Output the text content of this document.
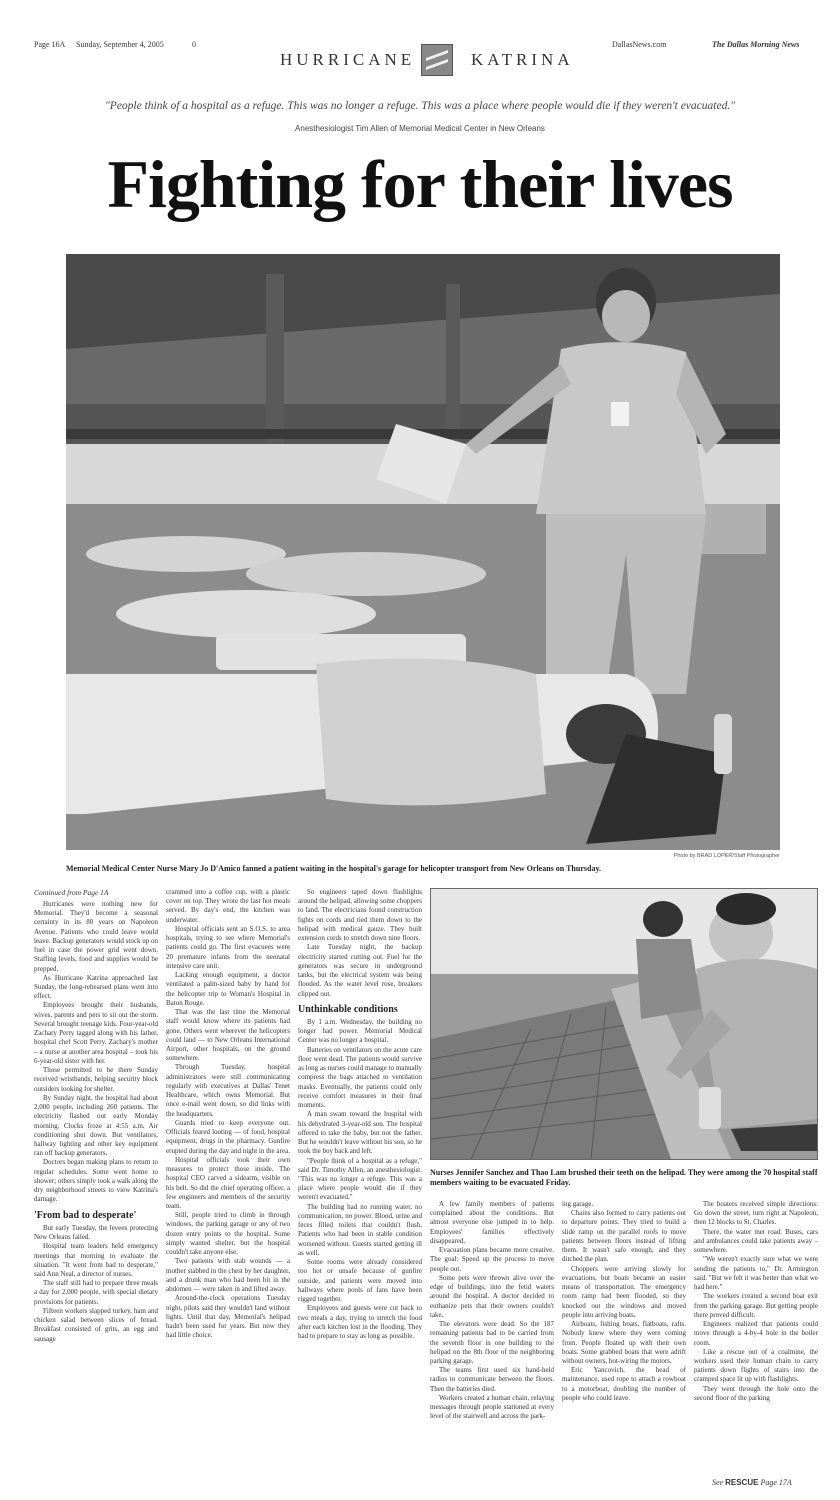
Page 16A Sunday, September 4, 2005	0
HURRICANE	KATRINA
DallasNews.com	The Dallas Morning News
"People think of a hospital as a refuge. This was no longer a refuge. This was a place where people would die if they weren't evacuated."
Anesthesiologist Tim Allen of Memorial Medical Center in New Orleans
Fighting for their lives
Photo by BRAD LOPER/Staff Photographer
Memorial Medical Center Nurse Mary Jo D'Amico fanned a patient waiting in the hospital's garage for helicopter transport from New Orleans on Thursday.
Nurses Jennifer Sanchez and Thao Lam brushed their teeth on the helipad. They were among the 70 hospital staff members waiting to be evacuated Friday.
Continued from Page 1A

Hurricanes were nothing new for Memorial. They'd become a seasonal certainty in its 80 years on Napoleon Avenue. Patients who could leave would leave. Backup generators would stock up on fuel in case the power grid went down. Staffing levels, food and supplies would be prepped.

As Hurricane Katrina approached last Sunday, the long-rehearsed plans went into effect.

Employees brought their husbands, wives, parents and pets to sit out the storm. Several brought teenage kids. Four-year-old Zachary Perry tagged along with his father, hospital chef Scott Perry. Zachary's mother – a nurse at another area hospital – took his 6-year-old sister with her.

Those permitted to be there Sunday received wristbands, helping security block outsiders looking for shelter.

By Sunday night, the hospital had about 2,000 people, including 260 patients. The electricity flashed out early Monday morning. Clocks froze at 4:55 a.m. Air conditioning shut down. But ventilators, hallway lighting and other key equipment ran off backup generators.

Doctors began making plans to return to regular schedules. Some went home to shower; others simply took a walk along the dry neighborhood streets to view Katrina's damage.

'From bad to desperate'

But early Tuesday, the levees protecting New Orleans failed.

Hospital team leaders held emergency meetings that morning to evaluate the situation. "It went from bad to desperate," said Ann Neal, a director of nurses.

The staff still had to prepare three meals a day for 2,000 people, with special dietary provisions for patients.

Fifteen workers slapped turkey, ham and chicken salad between slices of bread. Breakfast consisted of grits, an egg and sausage

crammed into a coffee cup, with a plastic cover on top. They wrote the last hot meals served. By day's end, the kitchen was underwater.

Hospital officials sent an S.O.S. to area hospitals, trying to see where Memorial's patients could go. The first evacuees were 20 premature infants from the neonatal intensive care unit.

Lacking enough equipment, a doctor ventilated a palm-sized baby by hand for the helicopter trip to Woman's Hospital in Baton Rouge.

That was the last time the Memorial staff would know where its patients had gone. Others went wherever the helicopters could land — to New Orleans International Airport, other hospitals, on the ground somewhere.

Through Tuesday, hospital administrators were still communicating regularly with executives at Dallas' Tenet Healthcare, which owns Memorial. But once e-mail went down, so did links with the headquarters.

Guards tried to keep everyone out. Officials feared looting — of food, hospital equipment, drugs in the pharmacy. Gunfire erupted during the day and night in the area.

Hospital officials took their own measures to protect those inside. The hospital CEO carved a sidearm, visible on his belt. So did the chief operating officer, a few engineers and members of the security team.

Still, people tried to climb in through windows, the parking garage or any of two dozen entry points to the hospital. Some simply wanted shelter, but the hospital couldn't take anyone else.

Two patients with stab wounds — a mother stabbed in the chest by her daughter, and a drunk man who had been hit in the abdomen — were taken in and lifted away.

Around-the-clock operations Tuesday night, pilots said they wouldn't land without lights. Until that day, Memorial's helipad hadn't been used for years. But now they had little choice.

So engineers taped down flashlights around the helipad, allowing some choppers to land. The electricians found construction lights on cords and tied them down to the helipad with medical gauze. They built extension cords to stretch down nine floors.

Late Tuesday night, the backup electricity started cutting out. Fuel for the generators was secure in underground tanks, but the electrical system was being flooded. As the water level rose, breakers clipped out.

Unthinkable conditions

By 1 a.m. Wednesday, the building no longer had power. Memorial Medical Center was no longer a hospital.

Batteries on ventilators on the acute care floor went dead. The patients would survive as long as nurses could manage to manually compress the bags attached to ventilation masks. Eventually, the patients could only receive comfort measures in their final moments.

A man swam toward the hospital with his dehydrated 3-year-old son. The hospital offered to take the baby, but not the father. But he wouldn't leave without his son, so he took the boy back and left.

"People think of a hospital as a refuge," said Dr. Timothy Allen, an anesthesiologist. "This was no longer a refuge. This was a place where people would die if they weren't evacuated."

The building had no running water, no communication, no power. Blood, urine and feces filled toilets that couldn't flush. Patients who had been in stable condition worsened without. Guests started getting ill as well.

Some rooms were already considered too hot or unsafe because of gunfire outside, and patients were moved into hallways where pools of fans have been rigged together.

Employees and guests were cut back to two meals a day, trying to stretch the food after each kitchen lost in the flooding. They had to prepare to stay as long as possible.

A few family members of patients complained about the conditions. But almost everyone else jumped in to help. Employees' families effectively disappeared.

Evacuation plans became more creative. The goal: Speed up the process to move people out.

Some pets were thrown alive over the edge of buildings, into the fetid waters around the hospital. A doctor decided to euthanize pets that their owners couldn't take.

The elevators were dead. So the 187 remaining patients had to be carried from the seventh floor in one building to the helipad on the 8th floor of the neighboring parking garage.

The teams first used six hand-held radios to communicate between the floors. Then the batteries died.

Workers created a human chain, relaying messages through people stationed at every level of the stairwell and across the park-

ing garage.

Chains also formed to carry patients out to departure points. They tried to build a slide ramp on the parallel roofs to move patients between floors instead of lifting them. It wasn't safe enough, and they ditched the plan.

Choppers were arriving slowly for evacuations, but boats became an easier means of transportation. The emergency room ramp had been flooded, so they knocked out the windows and moved people into arriving boats.

Airboats, fishing boats, flatboats, rafts. Nobody knew where they were coming from. People floated up with their own boats. Some grabbed boats that were adrift without owners, hot-wiring the motors.

Eric Yancovich, the head of maintenance, used rope to attach a rowboat to a motorboat, doubling the number of people who could leave.

The boaters received simple directions: Go down the street, turn right at Napoleon, then 12 blocks to St. Charles.

There, the water met road. Buses, cars and ambulances could take patients away – somewhere.

"We weren't exactly sure what we were sending the patients to," Dr. Armington said. "But we felt it was better than what we had here."

The workers created a second boat exit from the parking garage. But getting people there proved difficult.

Engineers realized that patients could move through a 4-by-4 hole in the boiler room.

Like a rescue out of a coalmine, the workers used their human chain to carry patients down flights of stairs into the cramped space lit up with flashlights.

They went through the hole onto the second floor of the parking

See RESCUE Page 17A
